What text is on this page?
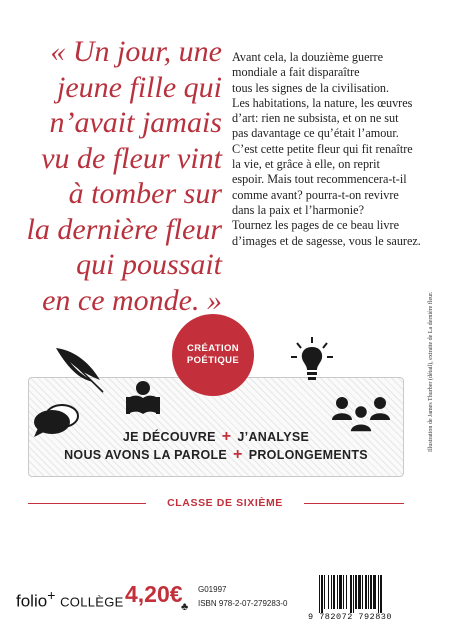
« Un jour, une
jeune fille qui
n’avait jamais
vu de fleur vint
à tomber sur
la dernière fleur
qui poussait
en ce monde. »
Avant cela, la douzième guerre
mondiale a fait disparaître
tous les signes de la civilisation.
Les habitations, la nature, les œuvres
d’art: rien ne subsista, et on ne sut
pas davantage ce qu’était l’amour.
C’est cette petite fleur qui fit renaître
la vie, et grâce à elle, on reprit
espoir. Mais tout recommencera-t-il
comme avant? pourra-t-on revivre
dans la paix et l’harmonie?
Tournez les pages de ce beau livre
d’images et de sagesse, vous le saurez.
CRÉATION
POÉTIQUE
JE DÉCOUVRE + J’ANALYSE
NOUS AVONS LA PAROLE + PROLONGEMENTS
CLASSE DE SIXIÈME
folio+ COLLÈGE 4,20€
♣
G01997
ISBN 978-2-07-279283-0
9 782072 792830
Illustration de James Thurber (détail), extraite de La dernière fleur.
